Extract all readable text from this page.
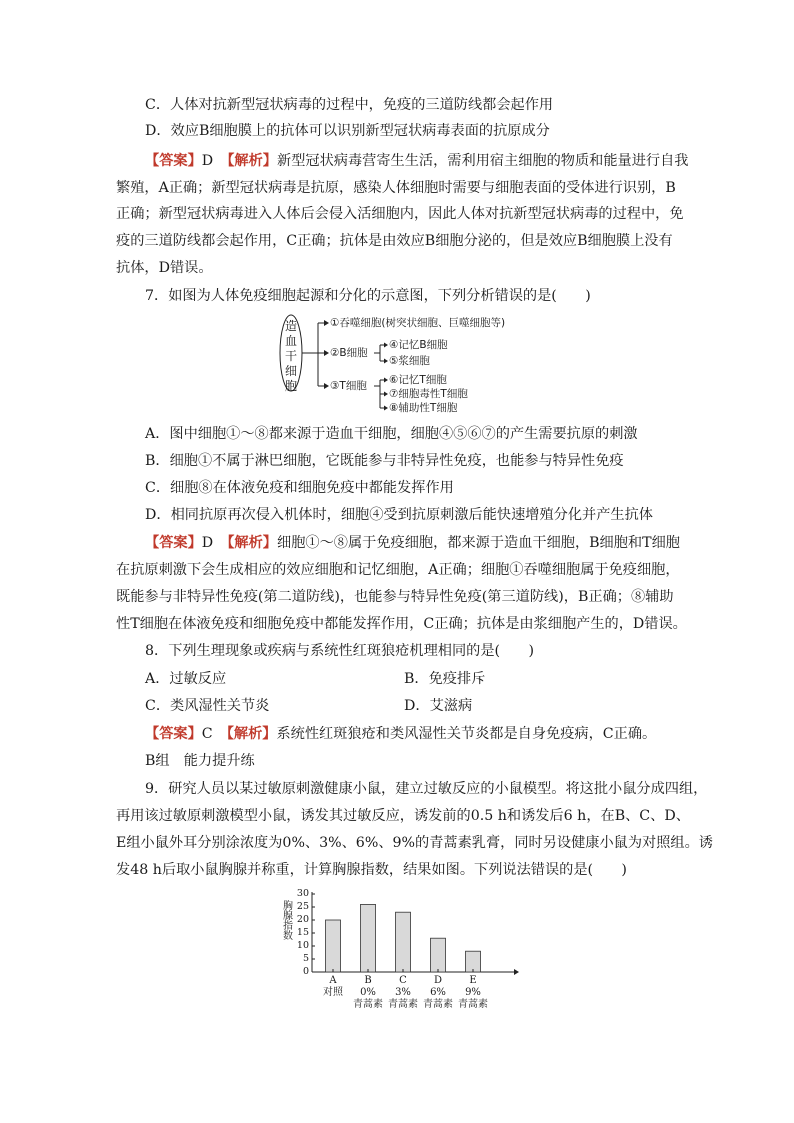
C．人体对抗新型冠状病毒的过程中，免疫的三道防线都会起作用
D．效应B细胞膜上的抗体可以识别新型冠状病毒表面的抗原成分
【答案】D　 【解析】新型冠状病毒营寄生生活，需利用宿主细胞的物质和能量进行自我
繁殖，A正确；新型冠状病毒是抗原，感染人体细胞时需要与细胞表面的受体进行识别，B
正确；新型冠状病毒进入人体后会侵入活细胞内，因此人体对抗新型冠状病毒的过程中，免
疫的三道防线都会起作用，C正确；抗体是由效应B细胞分泌的，但是效应B细胞膜上没有
抗体，D错误。
7．如图为人体免疫细胞起源和分化的示意图，下列分析错误的是(　　)
造血干细胞
①吞噬细胞(树突状细胞、巨噬细胞等)
②B细胞
③T细胞
④记忆B细胞
⑤浆细胞
⑥记忆T细胞
⑦细胞毒性T细胞
⑧辅助性T细胞
A．图中细胞①～⑧都来源于造血干细胞，细胞④⑤⑥⑦的产生需要抗原的刺激
B．细胞①不属于淋巴细胞，它既能参与非特异性免疫，也能参与特异性免疫
C．细胞⑧在体液免疫和细胞免疫中都能发挥作用
D．相同抗原再次侵入机体时，细胞④受到抗原刺激后能快速增殖分化并产生抗体
【答案】D　 【解析】细胞①～⑧属于免疫细胞，都来源于造血干细胞，B细胞和T细胞
在抗原刺激下会生成相应的效应细胞和记忆细胞，A正确；细胞①吞噬细胞属于免疫细胞，
既能参与非特异性免疫(第二道防线)，也能参与特异性免疫(第三道防线)，B正确；⑧辅助
性T细胞在体液免疫和细胞免疫中都能发挥作用，C正确；抗体是由浆细胞产生的，D错误。
8．下列生理现象或疾病与系统性红斑狼疮机理相同的是(　　)
A．过敏反应	B．免疫排斥
C．类风湿性关节炎	D．艾滋病
【答案】C　 【解析】系统性红斑狼疮和类风湿性关节炎都是自身免疫病，C正确。
B组　能力提升练
9．研究人员以某过敏原刺激健康小鼠，建立过敏反应的小鼠模型。将这批小鼠分成四组，
再用该过敏原刺激模型小鼠，诱发其过敏反应，诱发前的0.5 h和诱发后6 h，在B、C、D、
E组小鼠外耳分别涂浓度为0%、3%、6%、9%的青蒿素乳膏，同时另设健康小鼠为对照组。诱
发48 h后取小鼠胸腺并称重，计算胸腺指数，结果如图。下列说法错误的是(　　)
胸腺指数
0
5
10
15
20
25
30
A
对照
B
0%
青蒿素
C
3%
青蒿素
D
6%
青蒿素
E
9%
青蒿素
